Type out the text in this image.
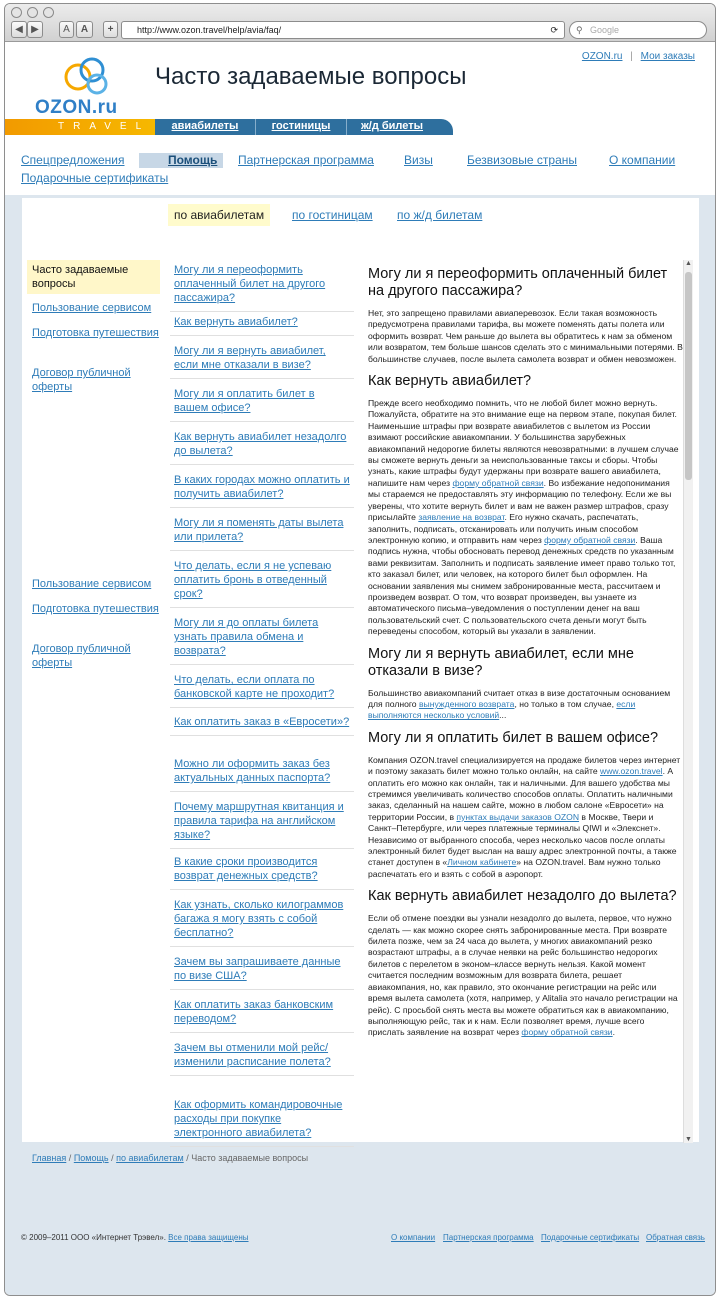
◀ ▶	A	A	+	http://www.ozon.travel/help/avia/faq/	⟳ ⚲ Google
OZON.ru
Часто задаваемые вопросы
OZON.ru | Мои заказы
TRAVEL	авиабилеты	гостиницы	ж/д билеты
Спецпредложения	Помощь Партнерская программа	Визы	Безвизовые страны	О компании
Подарочные сертификаты
по авиабилетам	по гостиницам по ж/д билетам
Часто задаваемые вопросы
Пользование сервисом
Подготовка путешествия
Договор публичной оферты
Пользование сервисом
Подготовка путешествия
Договор публичной оферты
Могу ли я переоформить оплаченный билет на другого пассажира?
Как вернуть авиабилет?
Могу ли я вернуть авиабилет, если мне отказали в визе?
Могу ли я оплатить билет в вашем офисе?
Как вернуть авиабилет незадолго до вылета?
В каких городах можно оплатить и получить авиабилет?
Могу ли я поменять даты вылета или прилета?
Что делать, если я не успеваю оплатить бронь в отведенный срок?
Могу ли я до оплаты билета узнать правила обмена и возврата?
Что делать, если оплата по банковской карте не проходит?
Как оплатить заказ в «Евросети»?
Можно ли оформить заказ без актуальных данных паспорта?
Почему маршрутная квитанция и правила тарифа на английском языке?
В какие сроки производится возврат денежных средств?
Как узнать, сколько килограммов багажа я могу взять с собой бесплатно?
Зачем вы запрашиваете данные по визе США?
Как оплатить заказ банковским переводом?
Зачем вы отменили мой рейс/изменили расписание полета?
Как оформить командировочные расходы при покупке электронного авиабилета?
Могу ли я переоформить оплаченный билет на другого пассажира?

Нет, это запрещено правилами авиаперевозок. Если такая возможность предусмотрена правилами тарифа, вы можете поменять даты полета или оформить возврат. Чем раньше до вылета вы обратитесь к нам за обменом или возвратом, тем больше шансов сделать это с минимальными потерями. В большинстве случаев, после вылета самолета возврат и обмен невозможен.

Как вернуть авиабилет?

Прежде всего необходимо помнить, что не любой билет можно вернуть. Пожалуйста, обратите на это внимание еще на первом этапе, покупая билет. Наименьшие штрафы при возврате авиабилетов с вылетом из России взимают российские авиакомпании. У большинства зарубежных авиакомпаний недорогие билеты являются невозвратными: в лучшем случае вы сможете вернуть деньги за неиспользованные таксы и сборы. Чтобы узнать, какие штрафы будут удержаны при возврате вашего авиабилета, напишите нам через форму обратной связи. Во избежание недопонимания мы стараемся не предоставлять эту информацию по телефону. Если же вы уверены, что хотите вернуть билет и вам не важен размер штрафов, сразу присылайте заявление на возврат. Его нужно скачать, распечатать, заполнить, подписать, отсканировать или получить иным способом электронную копию, и отправить нам через форму обратной связи. Ваша подпись нужна, чтобы обосновать перевод денежных средств по указанным вами реквизитам. Заполнить и подписать заявление имеет право только тот, кто заказал билет, или человек, на которого билет был оформлен. На основании заявления мы снимем забронированные места, рассчитаем и произведем возврат. О том, что возврат произведен, вы узнаете из автоматического письма–уведомления о поступлении денег на ваш пользовательский счет. С пользовательского счета деньги могут быть переведены способом, который вы указали в заявлении.

Могу ли я вернуть авиабилет, если мне отказали в визе?

Большинство авиакомпаний считает отказ в визе достаточным основанием для полного вынужденного возврата, но только в том случае, если выполняются несколько условий...

Могу ли я оплатить билет в вашем офисе?

Компания OZON.travel специализируется на продаже билетов через интернет и поэтому заказать билет можно только онлайн, на сайте www.ozon.travel. А оплатить его можно как онлайн, так и наличными. Для вашего удобства мы стремимся увеличивать количество способов оплаты. Оплатить наличными заказ, сделанный на нашем сайте, можно в любом салоне «Евросети» на территории России, в пунктах выдачи заказов OZON в Москве, Твери и Санкт–Петербурге, или через платежные терминалы QIWI и «Элекснет». Независимо от выбранного способа, через несколько часов после оплаты электронный билет будет выслан на вашу адрес электронной почты, а также станет доступен в «Личном кабинете» на OZON.travel. Вам нужно только распечатать его и взять с собой в аэропорт.

Как вернуть авиабилет незадолго до вылета?

Если об отмене поездки вы узнали незадолго до вылета, первое, что нужно сделать — как можно скорее снять забронированные места. При возврате билета позже, чем за 24 часа до вылета, у многих авиакомпаний резко возрастают штрафы, а в случае неявки на рейс большинство недорогих билетов с перелетом в эконом–классе вернуть нельзя. Какой момент считается последним возможным для возврата билета, решает авиакомпания, но, как правило, это окончание регистрации на рейс или время вылета самолета (хотя, например, у Alitalia это начало регистрации на рейс). С просьбой снять места вы можете обратиться как в авиакомпанию, выполняющую рейс, так и к нам. Если позволяет время, лучше всего прислать заявление на возврат через форму обратной связи.

▲
▼
Главная / Помощь / по авиабилетам / Часто задаваемые вопросы
© 2009–2011 ООО «Интернет Трэвел». Все права защищены	О компании Партнерская программа Подарочные сертификаты Обратная связь
